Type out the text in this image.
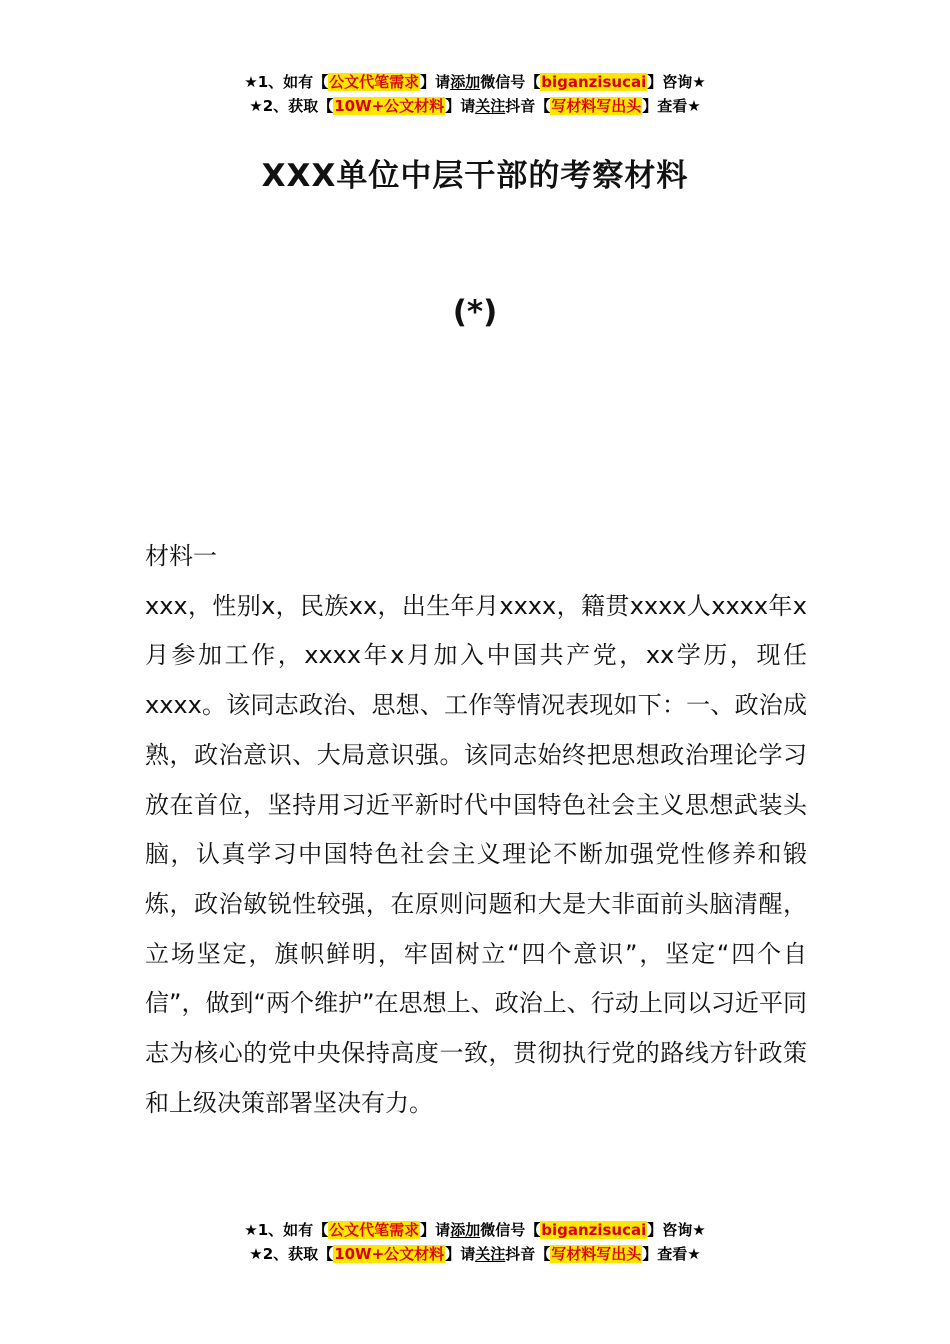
★1、如有【公文代笔需求】请添加微信号【biganzisucai】咨询★
★2、获取【10W+公文材料】请关注抖音【写材料写出头】查看★
XXX单位中层干部的考察材料
(*)

材料一

xxx，性别x，民族xx，出生年月xxxx，籍贯xxxx人xxxx年x月参加工作，xxxx年x月加入中国共产党，xx学历，现任xxxx。该同志政治、思想、工作等情况表现如下：一、政治成熟，政治意识、大局意识强。该同志始终把思想政治理论学习放在首位，坚持用习近平新时代中国特色社会主义思想武装头脑，认真学习中国特色社会主义理论不断加强党性修养和锻炼，政治敏锐性较强，在原则问题和大是大非面前头脑清醒，立场坚定，旗帜鲜明，牢固树立“四个意识”，坚定“四个自信”，做到“两个维护”在思想上、政治上、行动上同以习近平同志为核心的党中央保持高度一致，贯彻执行党的路线方针政策和上级决策部署坚决有力。

★1、如有【公文代笔需求】请添加微信号【biganzisucai】咨询★
★2、获取【10W+公文材料】请关注抖音【写材料写出头】查看★
